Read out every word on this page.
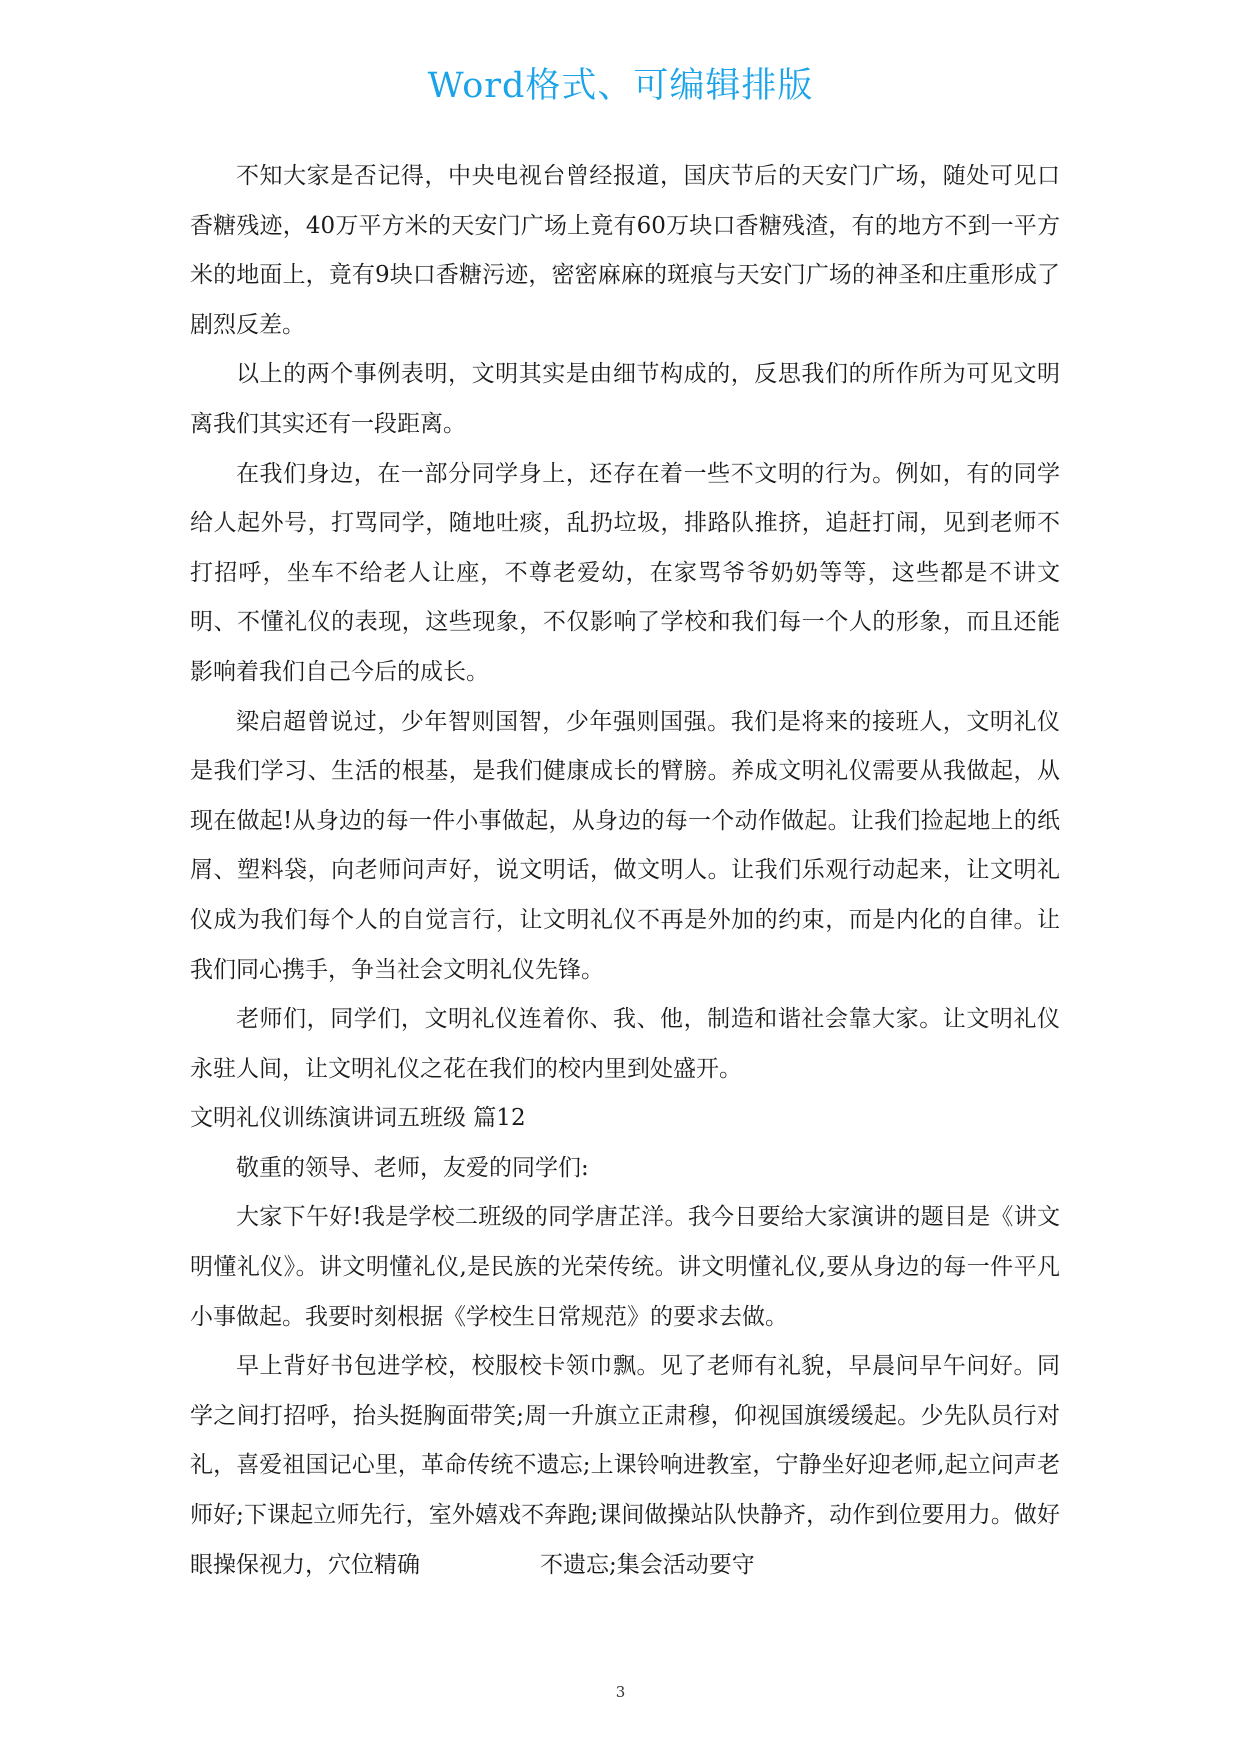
Word格式、可编辑排版

不知大家是否记得，中央电视台曾经报道，国庆节后的天安门广场，随处可见口香糖残迹，40万平方米的天安门广场上竟有60万块口香糖残渣，有的地方不到一平方米的地面上，竟有9块口香糖污迹，密密麻麻的斑痕与天安门广场的神圣和庄重形成了剧烈反差。

以上的两个事例表明，文明其实是由细节构成的，反思我们的所作所为可见文明离我们其实还有一段距离。

在我们身边，在一部分同学身上，还存在着一些不文明的行为。例如，有的同学给人起外号，打骂同学，随地吐痰，乱扔垃圾，排路队推挤，追赶打闹，见到老师不打招呼，坐车不给老人让座，不尊老爱幼，在家骂爷爷奶奶等等，这些都是不讲文明、不懂礼仪的表现，这些现象，不仅影响了学校和我们每一个人的形象，而且还能影响着我们自己今后的成长。

梁启超曾说过，少年智则国智，少年强则国强。我们是将来的接班人，文明礼仪是我们学习、生活的根基，是我们健康成长的臂膀。养成文明礼仪需要从我做起，从现在做起!从身边的每一件小事做起，从身边的每一个动作做起。让我们捡起地上的纸屑、塑料袋，向老师问声好，说文明话，做文明人。让我们乐观行动起来，让文明礼仪成为我们每个人的自觉言行，让文明礼仪不再是外加的约束，而是内化的自律。让我们同心携手，争当社会文明礼仪先锋。

老师们，同学们，文明礼仪连着你、我、他，制造和谐社会靠大家。让文明礼仪永驻人间，让文明礼仪之花在我们的校内里到处盛开。

文明礼仪训练演讲词五班级 篇12

敬重的领导、老师，友爱的同学们:

大家下午好!我是学校二班级的同学唐芷洋。我今日要给大家演讲的题目是《讲文明懂礼仪》。讲文明懂礼仪,是民族的光荣传统。讲文明懂礼仪,要从身边的每一件平凡小事做起。我要时刻根据《学校生日常规范》的要求去做。

早上背好书包进学校，校服校卡领巾飘。见了老师有礼貌，早晨问早午问好。同学之间打招呼，抬头挺胸面带笑;周一升旗立正肃穆，仰视国旗缓缓起。少先队员行对礼，喜爱祖国记心里，革命传统不遗忘;上课铃响进教室，宁静坐好迎老师,起立问声老师好;下课起立师先行，室外嬉戏不奔跑;课间做操站队快静齐，动作到位要用力。做好眼操保视力，穴位精确	不遗忘;集会活动要守

3
